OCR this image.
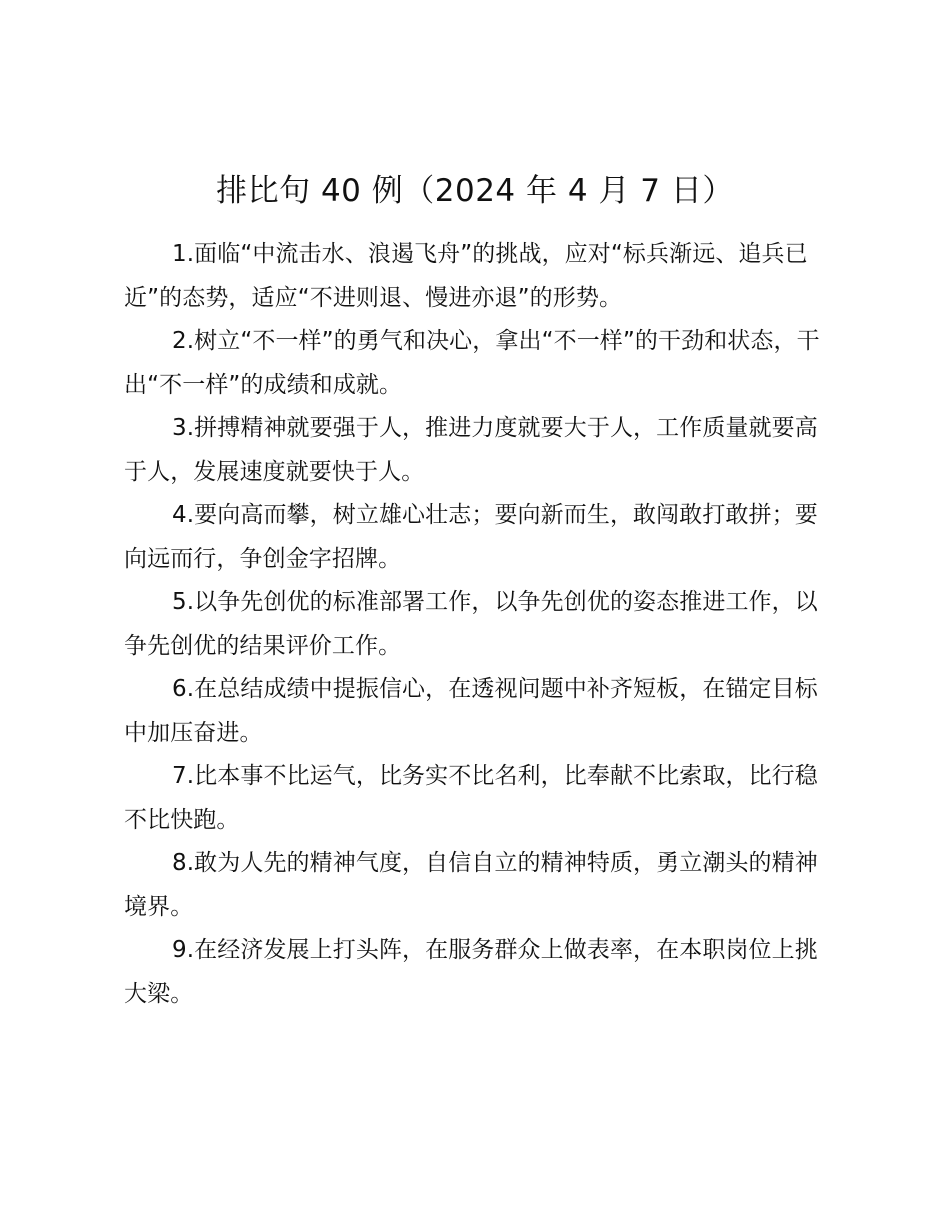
排比句 40 例（2024 年 4 月 7 日）
1.面临“中流击水、浪遏飞舟”的挑战，应对“标兵渐远、追兵已近”的态势，适应“不进则退、慢进亦退”的形势。
2.树立“不一样”的勇气和决心，拿出“不一样”的干劲和状态，干出“不一样”的成绩和成就。
3.拼搏精神就要强于人，推进力度就要大于人，工作质量就要高于人，发展速度就要快于人。
4.要向高而攀，树立雄心壮志；要向新而生，敢闯敢打敢拼；要向远而行，争创金字招牌。
5.以争先创优的标准部署工作，以争先创优的姿态推进工作，以争先创优的结果评价工作。
6.在总结成绩中提振信心，在透视问题中补齐短板，在锚定目标中加压奋进。
7.比本事不比运气，比务实不比名利，比奉献不比索取，比行稳不比快跑。
8.敢为人先的精神气度，自信自立的精神特质，勇立潮头的精神境界。
9.在经济发展上打头阵，在服务群众上做表率，在本职岗位上挑大梁。
